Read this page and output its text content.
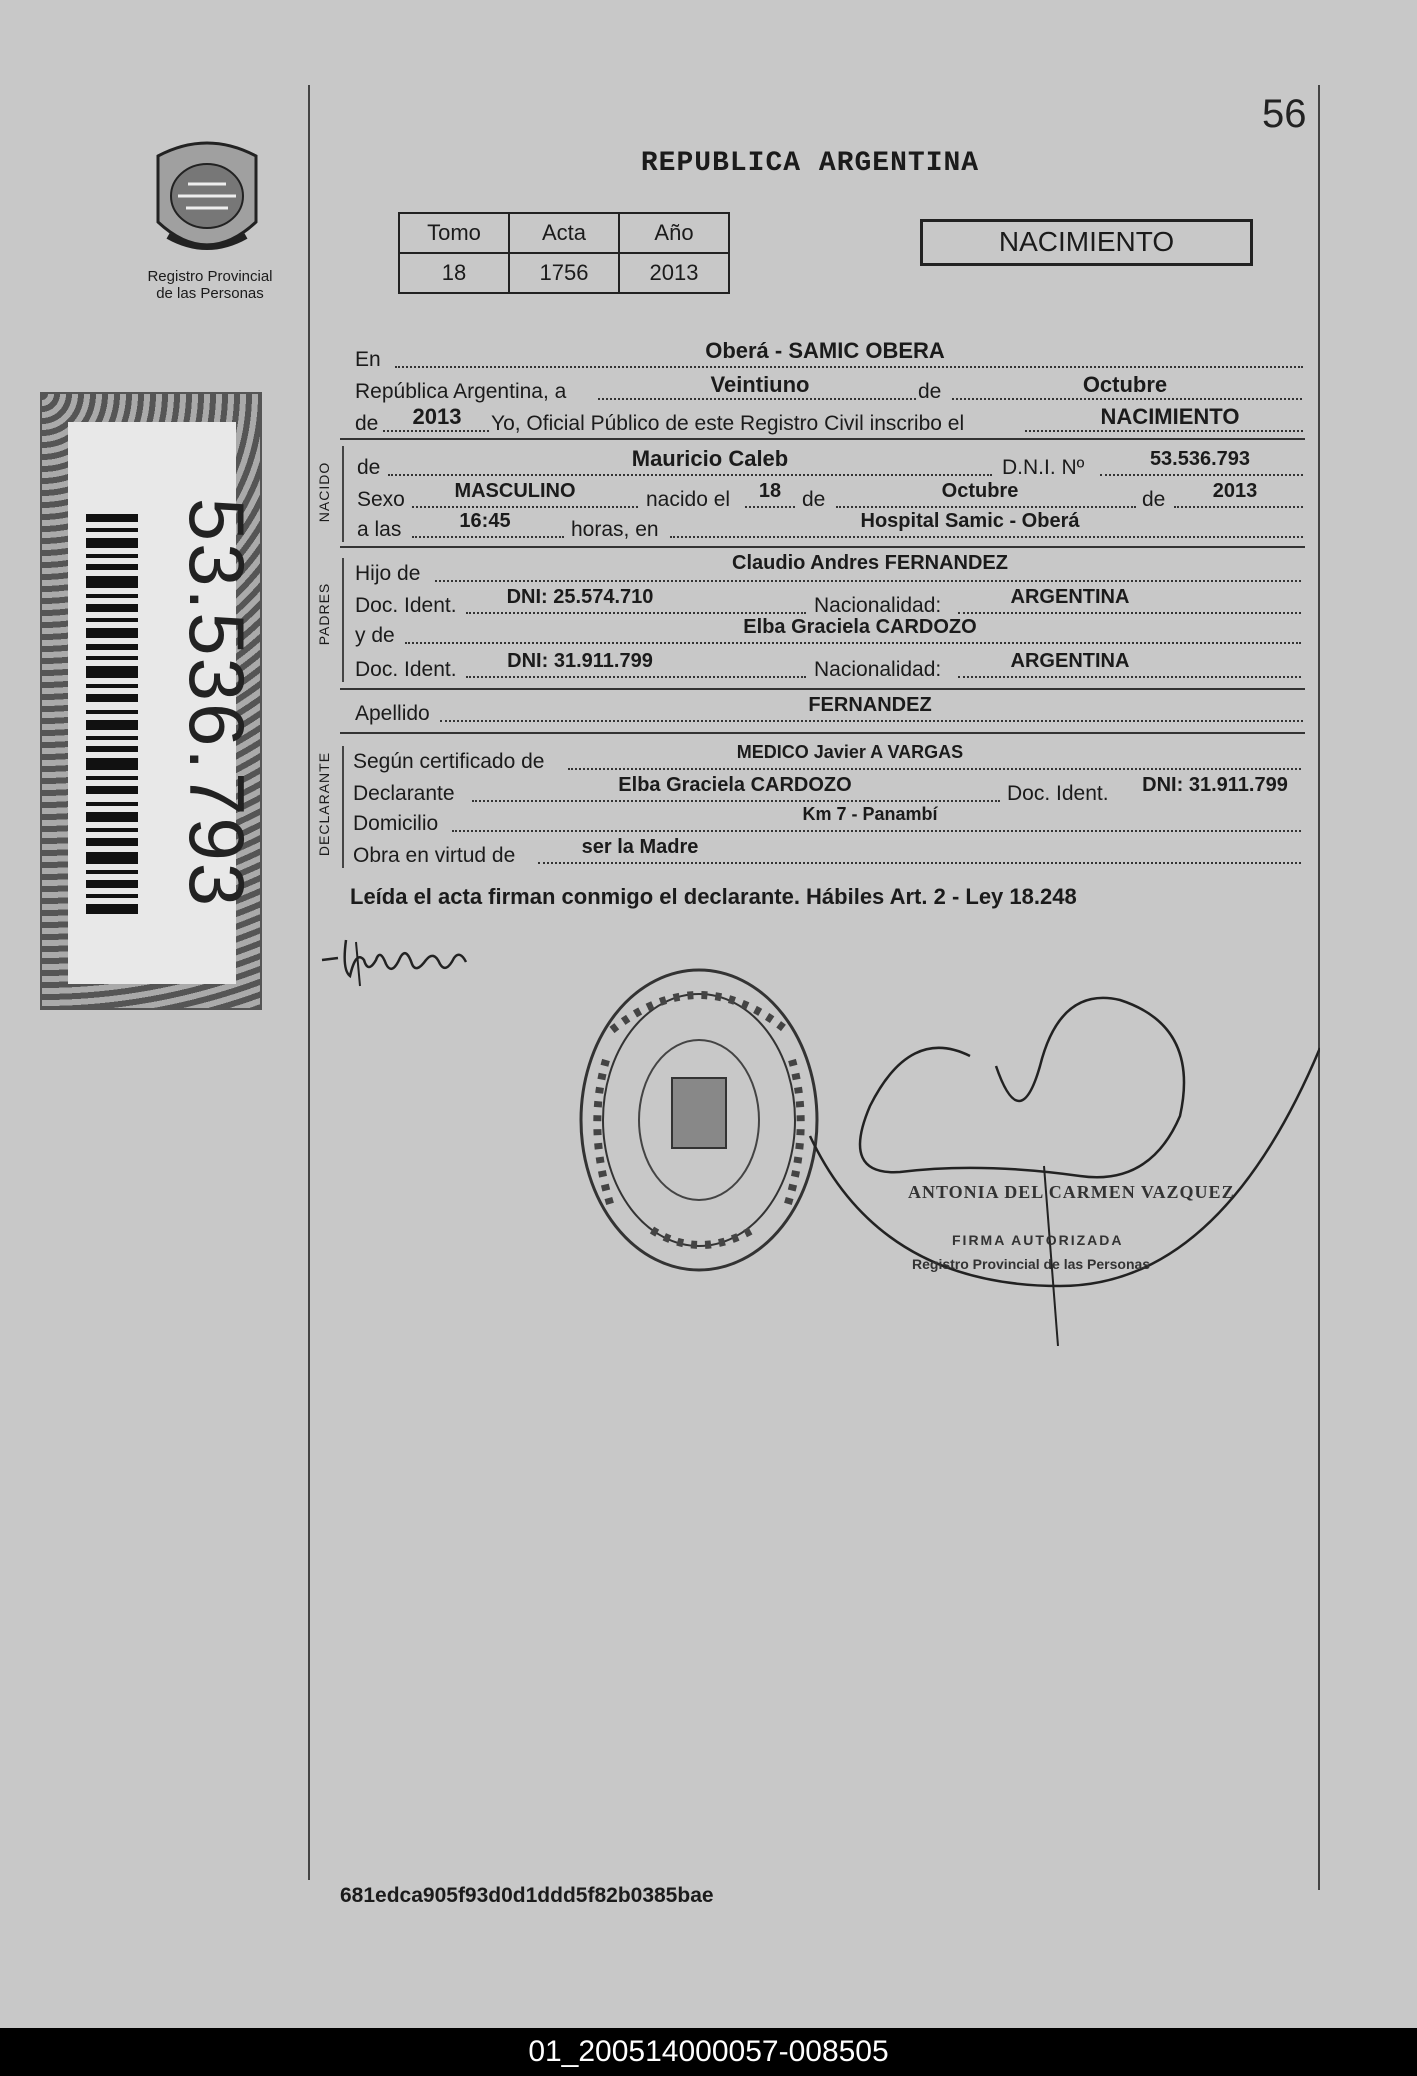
56
REPUBLICA ARGENTINA
Registro Provincial
de las Personas
Tomo	Acta	Año
18	1756	2013
NACIMIENTO
53.536.793
En	Oberá - SAMIC OBERA
República Argentina, a	Veintiuno	de	Octubre
de	2013	Yo, Oficial Público de este Registro Civil inscribo el	NACIMIENTO
NACIDO de	Mauricio Caleb	D.N.I. Nº	53.536.793
Sexo	MASCULINO	nacido el	18 de	Octubre	de	2013
a las	16:45	horas, en	Hospital Samic - Oberá
PADRES
Hijo de	Claudio Andres FERNANDEZ
Doc. Ident.	DNI: 25.574.710	Nacionalidad:	ARGENTINA
y de	Elba Graciela CARDOZO
Doc. Ident.	DNI: 31.911.799	Nacionalidad:	ARGENTINA
Apellido	FERNANDEZ
DECLARANTE Según certificado de	MEDICO Javier A VARGAS
Declarante	Elba Graciela CARDOZO	Doc. Ident.	DNI: 31.911.799
Domicilio	Km 7 - Panambí
Obra en virtud de	ser la Madre
Leída el acta firman conmigo el declarante. Hábiles Art. 2 - Ley 18.248
ANTONIA DEL CARMEN VAZQUEZ
FIRMA AUTORIZADA
Registro Provincial de las Personas
681edca905f93d0d1ddd5f82b0385bae
01_200514000057-008505
